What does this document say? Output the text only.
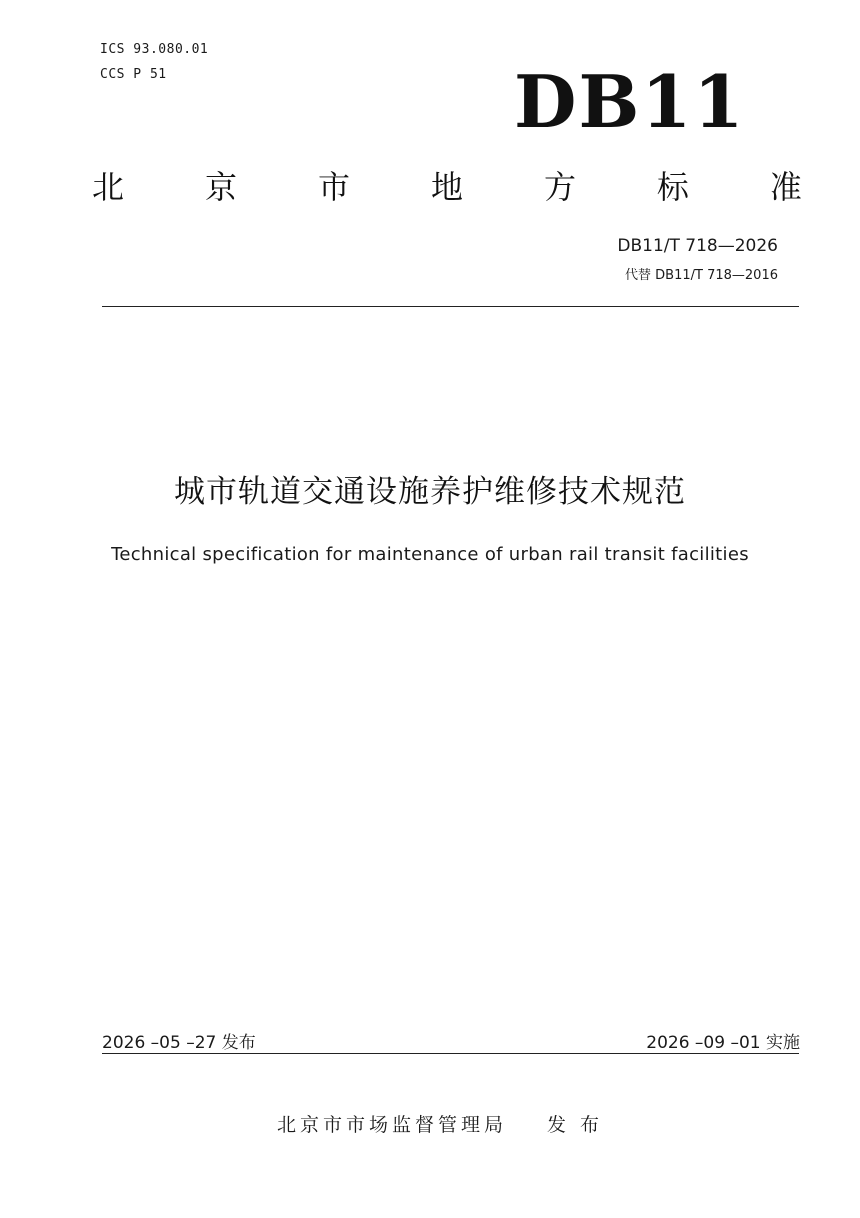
ICS 93.080.01
CCS P 51	DB11
北	京	市	地	方	标	准
DB11/T 718—2026
代替 DB11/T 718—2016
城市轨道交通设施养护维修技术规范
Technical specification for maintenance of urban rail transit facilities
2026 –05 –27 发布	2026 –09 –01 实施
北京市市场监督管理局 发 布
